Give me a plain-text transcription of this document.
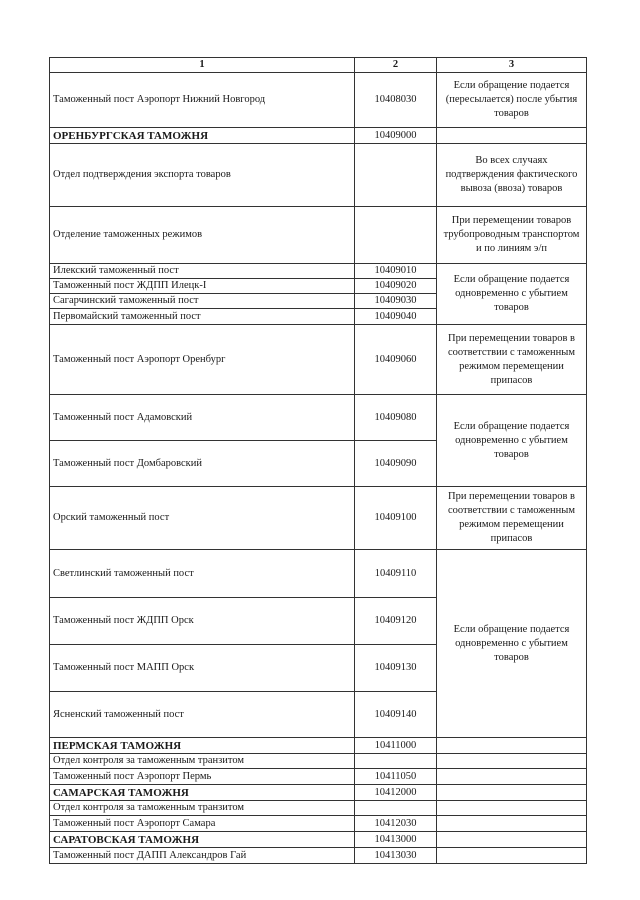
1	2	3
Таможенный пост Аэропорт Нижний Новгород	10408030	Если обращение подается (пересылается) после убытия товаров
ОРЕНБУРГСКАЯ ТАМОЖНЯ	10409000	
Отдел подтверждения экспорта товаров		Во всех случаях подтверждения фактического вывоза (ввоза) товаров
Отделение таможенных режимов		При перемещении товаров трубопроводным транспортом и по линиям э/п
Илекский таможенный пост	10409010	Если обращение подается одновременно с убытием товаров
Таможенный пост ЖДПП Илецк-I	10409020	
Сагарчинский таможенный пост	10409030	
Первомайский таможенный пост	10409040	
Таможенный пост Аэропорт Оренбург	10409060	При перемещении товаров в соответствии с таможенным режимом перемещении припасов
Таможенный пост Адамовский	10409080	Если обращение подается одновременно с убытием товаров
Таможенный пост Домбаровский	10409090	
Орский таможенный пост	10409100	При перемещении товаров в соответствии с таможенным режимом перемещении припасов
Светлинский таможенный пост	10409110	Если обращение подается одновременно с убытием товаров
Таможенный пост ЖДПП Орск	10409120	
Таможенный пост МАПП Орск	10409130	
Ясненский таможенный пост	10409140	
ПЕРМСКАЯ ТАМОЖНЯ	10411000	
Отдел контроля за таможенным транзитом		
Таможенный пост Аэропорт Пермь	10411050	
САМАРСКАЯ ТАМОЖНЯ	10412000	
Отдел контроля за таможенным транзитом		
Таможенный пост Аэропорт Самара	10412030	
САРАТОВСКАЯ ТАМОЖНЯ	10413000	
Таможенный пост ДАПП Александров Гай	10413030	
